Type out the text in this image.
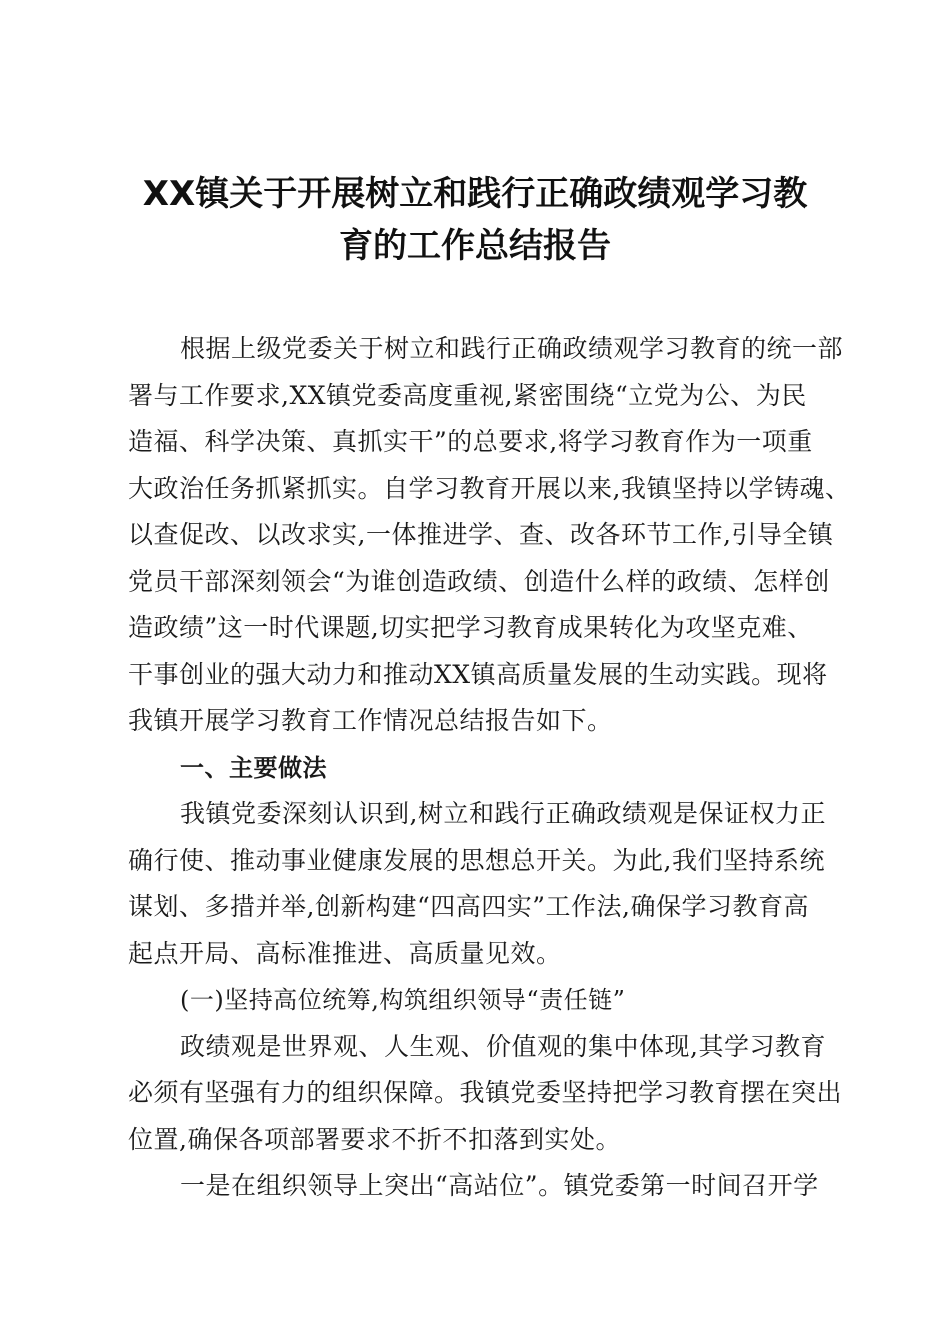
XX镇关于开展树立和践行正确政绩观学习教
育的工作总结报告
根据上级党委关于树立和践行正确政绩观学习教育的统一部
署与工作要求,XX镇党委高度重视,紧密围绕“立党为公、为民
造福、科学决策、真抓实干”的总要求,将学习教育作为一项重
大政治任务抓紧抓实。自学习教育开展以来,我镇坚持以学铸魂、
以查促改、以改求实,一体推进学、查、改各环节工作,引导全镇
党员干部深刻领会“为谁创造政绩、创造什么样的政绩、怎样创
造政绩”这一时代课题,切实把学习教育成果转化为攻坚克难、
干事创业的强大动力和推动XX镇高质量发展的生动实践。现将
我镇开展学习教育工作情况总结报告如下。
一、主要做法
我镇党委深刻认识到,树立和践行正确政绩观是保证权力正
确行使、推动事业健康发展的思想总开关。为此,我们坚持系统
谋划、多措并举,创新构建“四高四实”工作法,确保学习教育高
起点开局、高标准推进、高质量见效。
(一)坚持高位统筹,构筑组织领导“责任链”
政绩观是世界观、人生观、价值观的集中体现,其学习教育
必须有坚强有力的组织保障。我镇党委坚持把学习教育摆在突出
位置,确保各项部署要求不折不扣落到实处。
一是在组织领导上突出“高站位”。镇党委第一时间召开学
